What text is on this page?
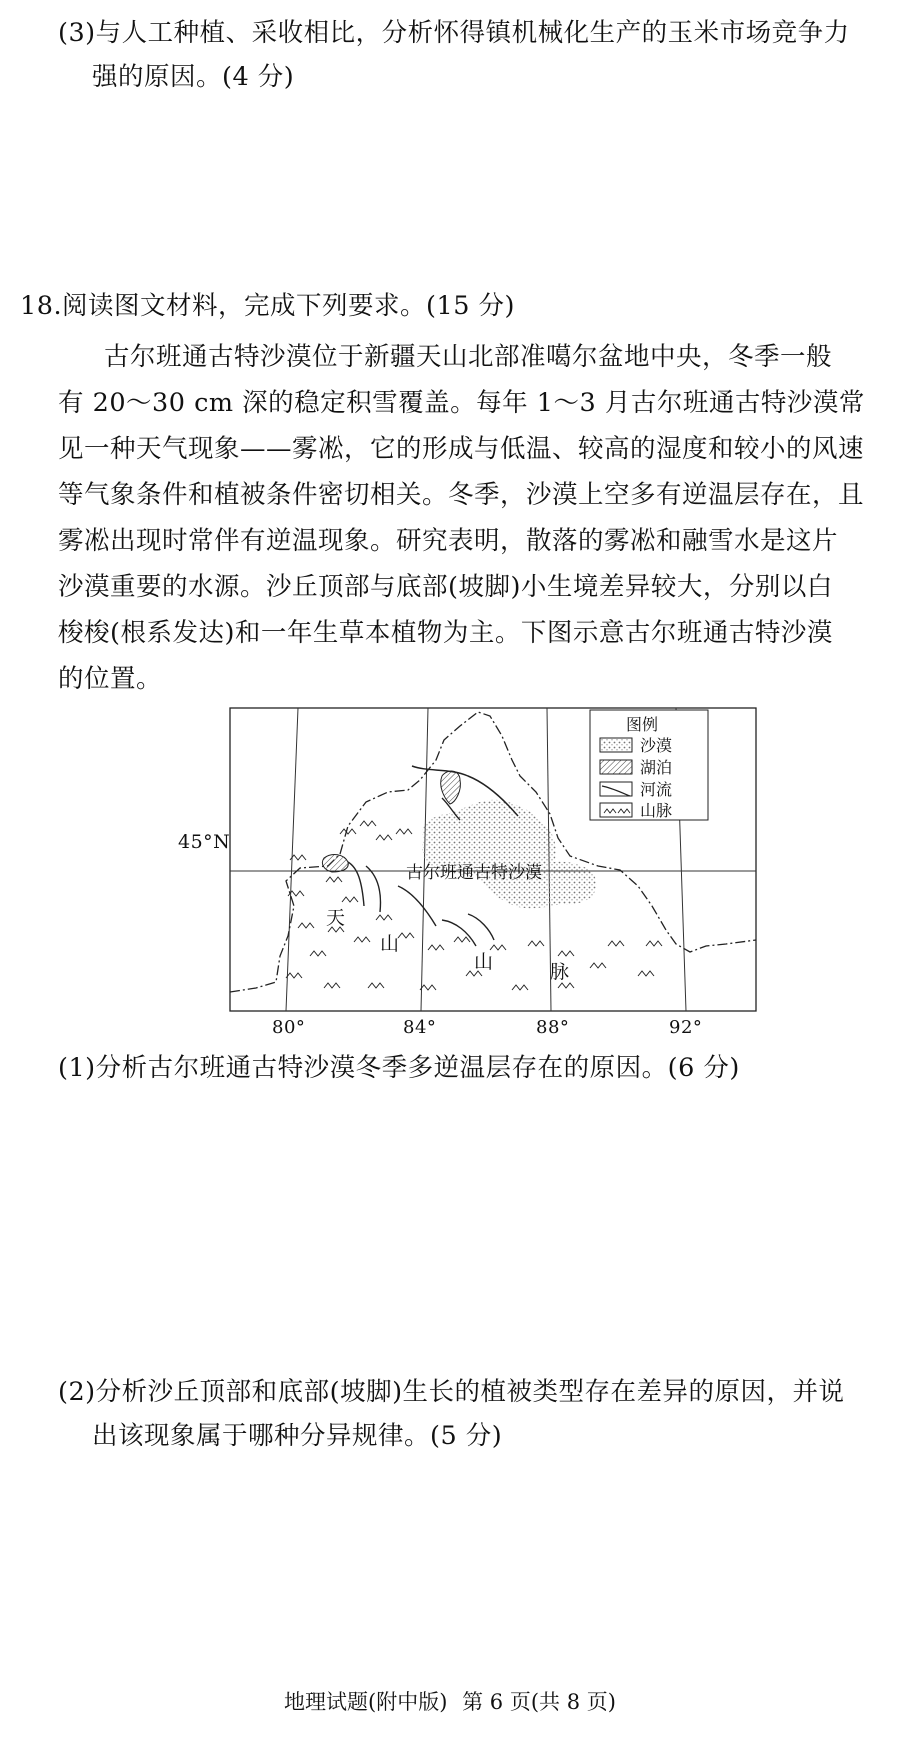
(3)与人工种植、采收相比，分析怀得镇机械化生产的玉米市场竞争力
强的原因。(4 分)
18.阅读图文材料，完成下列要求。(15 分)
古尔班通古特沙漠位于新疆天山北部准噶尔盆地中央，冬季一般
有 20～30 cm 深的稳定积雪覆盖。每年 1～3 月古尔班通古特沙漠常
见一种天气现象——雾凇，它的形成与低温、较高的湿度和较小的风速
等气象条件和植被条件密切相关。冬季，沙漠上空多有逆温层存在，且
雾凇出现时常伴有逆温现象。研究表明，散落的雾凇和融雪水是这片
沙漠重要的水源。沙丘顶部与底部(坡脚)小生境差异较大，分别以白
梭梭(根系发达)和一年生草本植物为主。下图示意古尔班通古特沙漠
的位置。
古尔班通古特沙漠
天
山
山	脉
图例
沙漠
湖泊
河流
山脉
45°N
80°	84°	88°	92°
(1)分析古尔班通古特沙漠冬季多逆温层存在的原因。(6 分)
(2)分析沙丘顶部和底部(坡脚)生长的植被类型存在差异的原因，并说
出该现象属于哪种分异规律。(5 分)
地理试题(附中版) 第 6 页(共 8 页)
